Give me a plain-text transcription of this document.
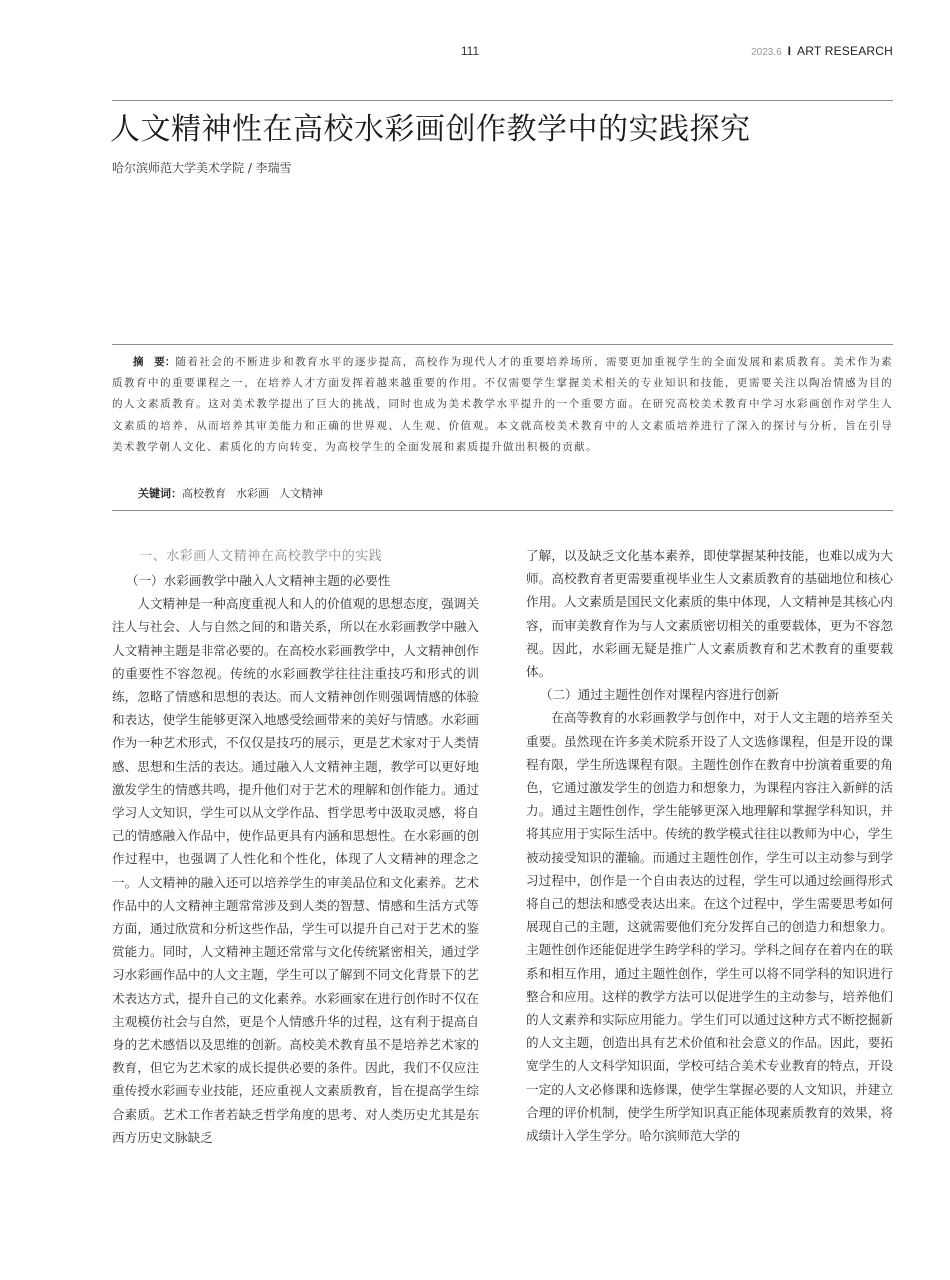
111	2023.6 I ART RESEARCH
人文精神性在高校水彩画创作教学中的实践探究
哈尔滨师范大学美术学院 / 李瑞雪

摘　要：随着社会的不断进步和教育水平的逐步提高，高校作为现代人才的重要培养场所，需要更加重视学生的全面发展和素质教育。美术作为素质教育中的重要课程之一，在培养人才方面发挥着越来越重要的作用。不仅需要学生掌握美术相关的专业知识和技能，更需要关注以陶冶情感为目的的人文素质教育。这对美术教学提出了巨大的挑战，同时也成为美术教学水平提升的一个重要方面。在研究高校美术教育中学习水彩画创作对学生人文素质的培养，从而培养其审美能力和正确的世界观、人生观、价值观。本文就高校美术教育中的人文素质培养进行了深入的探讨与分析，旨在引导美术教学朝人文化、素质化的方向转变，为高校学生的全面发展和素质提升做出积极的贡献。

关键词：高校教育 水彩画 人文精神

一、水彩画人文精神在高校教学中的实践

（一）水彩画教学中融入人文精神主题的必要性

人文精神是一种高度重视人和人的价值观的思想态度，强调关注人与社会、人与自然之间的和谐关系，所以在水彩画教学中融入人文精神主题是非常必要的。在高校水彩画教学中，人文精神创作的重要性不容忽视。传统的水彩画教学往往注重技巧和形式的训练，忽略了情感和思想的表达。而人文精神创作则强调情感的体验和表达，使学生能够更深入地感受绘画带来的美好与情感。水彩画作为一种艺术形式，不仅仅是技巧的展示，更是艺术家对于人类情感、思想和生活的表达。通过融入人文精神主题，教学可以更好地激发学生的情感共鸣，提升他们对于艺术的理解和创作能力。通过学习人文知识，学生可以从文学作品、哲学思考中汲取灵感，将自己的情感融入作品中，使作品更具有内涵和思想性。在水彩画的创作过程中，也强调了人性化和个性化，体现了人文精神的理念之一。人文精神的融入还可以培养学生的审美品位和文化素养。艺术作品中的人文精神主题常常涉及到人类的智慧、情感和生活方式等方面，通过欣赏和分析这些作品，学生可以提升自己对于艺术的鉴赏能力。同时，人文精神主题还常常与文化传统紧密相关，通过学习水彩画作品中的人文主题，学生可以了解到不同文化背景下的艺术表达方式，提升自己的文化素养。水彩画家在进行创作时不仅在主观模仿社会与自然，更是个人情感升华的过程，这有利于提高自身的艺术感悟以及思维的创新。高校美术教育虽不是培养艺术家的教育，但它为艺术家的成长提供必要的条件。因此，我们不仅应注重传授水彩画专业技能，还应重视人文素质教育，旨在提高学生综合素质。艺术工作者若缺乏哲学角度的思考、对人类历史尤其是东西方历史文脉缺乏

了解，以及缺乏文化基本素养，即使掌握某种技能，也难以成为大师。高校教育者更需要重视毕业生人文素质教育的基础地位和核心作用。人文素质是国民文化素质的集中体现，人文精神是其核心内容，而审美教育作为与人文素质密切相关的重要载体，更为不容忽视。因此，水彩画无疑是推广人文素质教育和艺术教育的重要载体。

（二）通过主题性创作对课程内容进行创新

在高等教育的水彩画教学与创作中，对于人文主题的培养至关重要。虽然现在许多美术院系开设了人文选修课程，但是开设的课程有限，学生所选课程有限。主题性创作在教育中扮演着重要的角色，它通过激发学生的创造力和想象力，为课程内容注入新鲜的活力。通过主题性创作，学生能够更深入地理解和掌握学科知识，并将其应用于实际生活中。传统的教学模式往往以教师为中心，学生被动接受知识的灌输。而通过主题性创作，学生可以主动参与到学习过程中，创作是一个自由表达的过程，学生可以通过绘画得形式将自己的想法和感受表达出来。在这个过程中，学生需要思考如何展现自己的主题，这就需要他们充分发挥自己的创造力和想象力。主题性创作还能促进学生跨学科的学习。学科之间存在着内在的联系和相互作用，通过主题性创作，学生可以将不同学科的知识进行整合和应用。这样的教学方法可以促进学生的主动参与，培养他们的人文素养和实际应用能力。学生们可以通过这种方式不断挖掘新的人文主题，创造出具有艺术价值和社会意义的作品。因此，要拓宽学生的人文科学知识面，学校可结合美术专业教育的特点，开设一定的人文必修课和选修课，使学生掌握必要的人文知识，并建立合理的评价机制，使学生所学知识真正能体现素质教育的效果，将成绩计入学生学分。哈尔滨师范大学的
